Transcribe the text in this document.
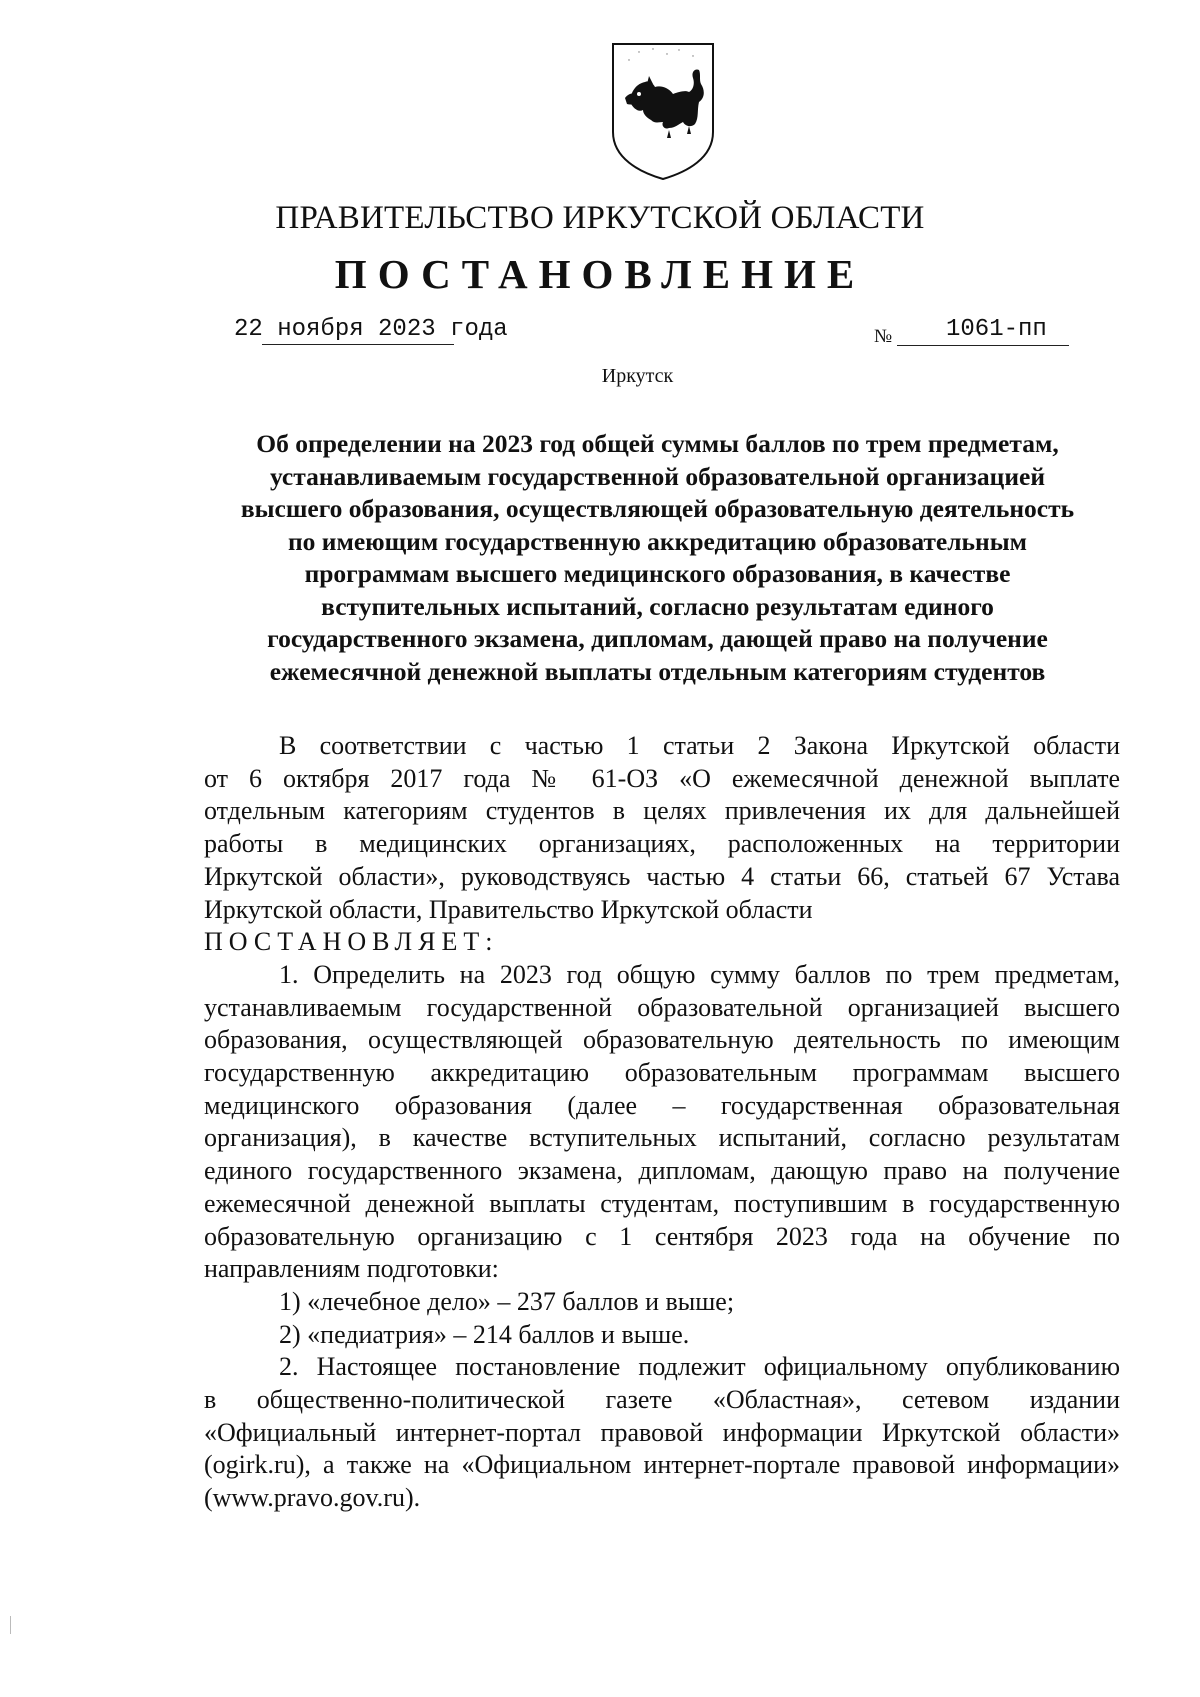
ПРАВИТЕЛЬСТВО ИРКУТСКОЙ ОБЛАСТИ
ПОСТАНОВЛЕНИЕ
22 ноября 2023 года	№ 1061-пп
Иркутск
Об определении на 2023 год общей суммы баллов по трем предметам,
устанавливаемым государственной образовательной организацией
высшего образования, осуществляющей образовательную деятельность
по имеющим государственную аккредитацию образовательным
программам высшего медицинского образования, в качестве
вступительных испытаний, согласно результатам единого
государственного экзамена, дипломам, дающей право на получение
ежемесячной денежной выплаты отдельным категориям студентов
В соответствии с частью 1 статьи 2 Закона Иркутской области
от 6 октября 2017 года № 61-ОЗ «О ежемесячной денежной выплате
отдельным категориям студентов в целях привлечения их для дальнейшей
работы в медицинских организациях, расположенных на территории
Иркутской области», руководствуясь частью 4 статьи 66, статьей 67 Устава
Иркутской области, Правительство Иркутской области
ПОСТАНОВЛЯЕТ:
1. Определить на 2023 год общую сумму баллов по трем предметам,
устанавливаемым государственной образовательной организацией высшего
образования, осуществляющей образовательную деятельность по имеющим
государственную аккредитацию образовательным программам высшего
медицинского образования (далее – государственная образовательная
организация), в качестве вступительных испытаний, согласно результатам
единого государственного экзамена, дипломам, дающую право на получение
ежемесячной денежной выплаты студентам, поступившим в государственную
образовательную организацию с 1 сентября 2023 года на обучение по
направлениям подготовки:
1) «лечебное дело» – 237 баллов и выше;
2) «педиатрия» – 214 баллов и выше.
2. Настоящее постановление подлежит официальному опубликованию
в общественно-политической газете «Областная», сетевом издании
«Официальный интернет-портал правовой информации Иркутской области»
(ogirk.ru), а также на «Официальном интернет-портале правовой информации»
(www.pravo.gov.ru).
